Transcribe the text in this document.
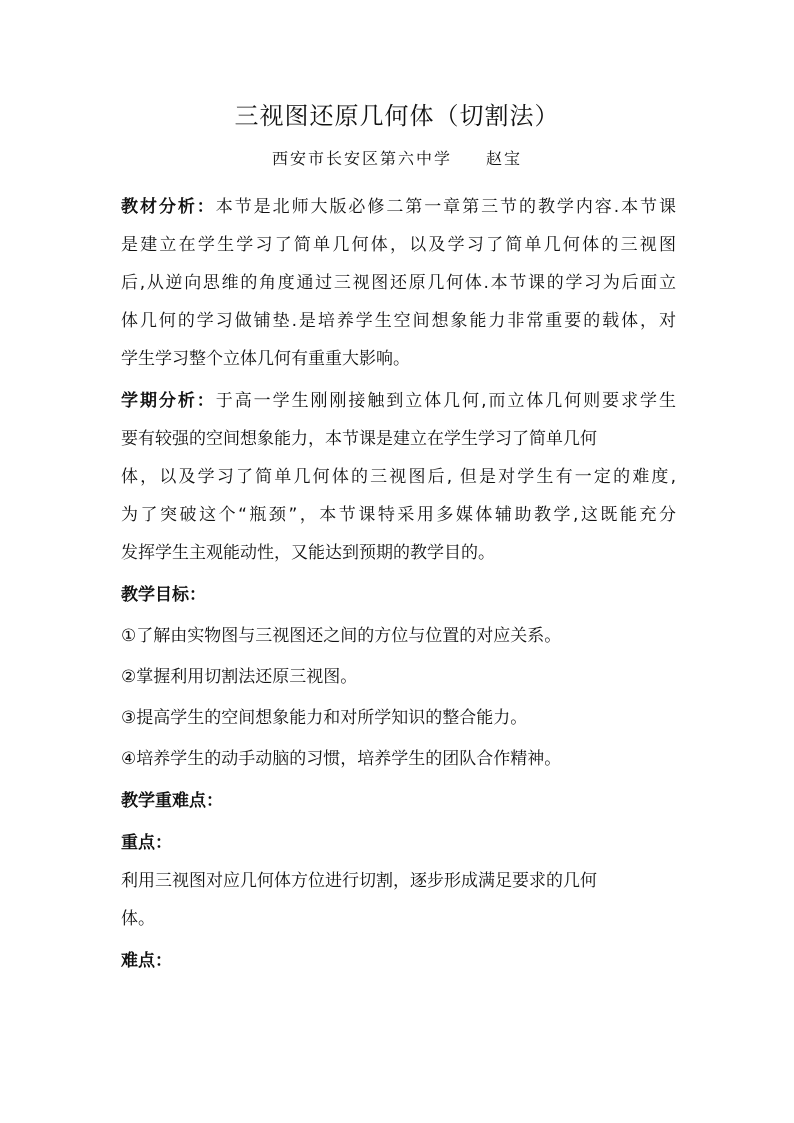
三视图还原几何体（切割法）
西安市长安区第六中学 赵宝
教材分析：本节是北师大版必修二第一章第三节的教学内容.本节课
是建立在学生学习了简单几何体，以及学习了简单几何体的三视图
后,从逆向思维的角度通过三视图还原几何体.本节课的学习为后面立
体几何的学习做铺垫.是培养学生空间想象能力非常重要的载体，对
学生学习整个立体几何有重重大影响。
学期分析：于高一学生刚刚接触到立体几何,而立体几何则要求学生
要有较强的空间想象能力，本节课是建立在学生学习了简单几何
体，以及学习了简单几何体的三视图后, 但是对学生有一定的难度,
为了突破这个“瓶颈”，本节课特采用多媒体辅助教学,这既能充分
发挥学生主观能动性，又能达到预期的教学目的。
教学目标：
①了解由实物图与三视图还之间的方位与位置的对应关系。
②掌握利用切割法还原三视图。
③提高学生的空间想象能力和对所学知识的整合能力。
④培养学生的动手动脑的习惯，培养学生的团队合作精神。
教学重难点：
重点：
利用三视图对应几何体方位进行切割，逐步形成满足要求的几何
体。
难点：
